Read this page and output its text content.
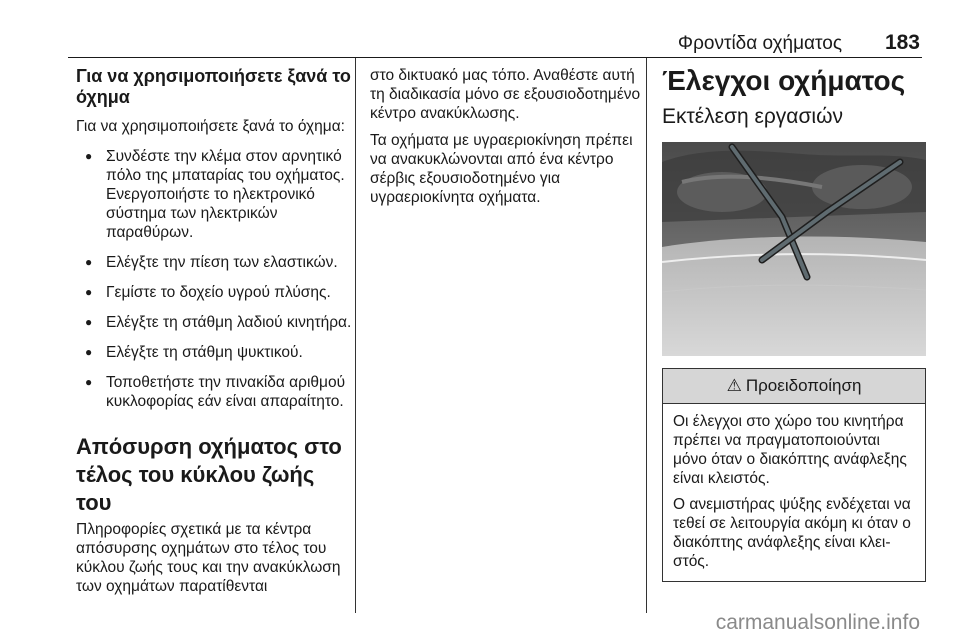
Φροντίδα οχήματος 183
Για να χρησιμοποιήσετε ξανά το όχημα

Για να χρησιμοποιήσετε ξανά το όχημα:

● Συνδέστε την κλέμα στον αρνητικό πόλο της μπαταρίας του οχήματος. Ενεργοποιήστε το ηλεκτρονικό σύστημα των ηλεκτρικών παραθύρων.
● Ελέγξτε την πίεση των ελαστικών.
● Γεμίστε το δοχείο υγρού πλύσης.
● Ελέγξτε τη στάθμη λαδιού κινητήρα.
● Ελέγξτε τη στάθμη ψυκτικού.
● Τοποθετήστε την πινακίδα αριθμού κυκλοφορίας εάν είναι απαραίτητο.
Απόσυρση οχήματος στο τέλος του κύκλου ζωής του

Πληροφορίες σχετικά με τα κέντρα απόσυρσης οχημάτων στο τέλος του κύκλου ζωής τους και την ανακύκλωση των οχημάτων παρατίθενται

στο δικτυακό μας τόπο. Αναθέστε αυτή τη διαδικασία μόνο σε εξουσιοδοτημένο κέντρο ανακύκλωσης.

Τα οχήματα με υγραεριοκίνηση πρέπει να ανακυκλώνονται από ένα κέντρο σέρβις εξουσιοδοτημένο για υγραεριοκίνητα οχήματα.

Έλεγχοι οχήματος
Εκτέλεση εργασιών
⚠ Προειδοποίηση

Οι έλεγχοι στο χώρο του κινητήρα πρέπει να πραγματοποιούνται μόνο όταν ο διακόπτης ανάφλεξης είναι κλειστός.

Ο ανεμιστήρας ψύξης ενδέχεται να τεθεί σε λειτουργία ακόμη κι όταν ο διακόπτης ανάφλεξης είναι κλειστός.

carmanualsonline.info
